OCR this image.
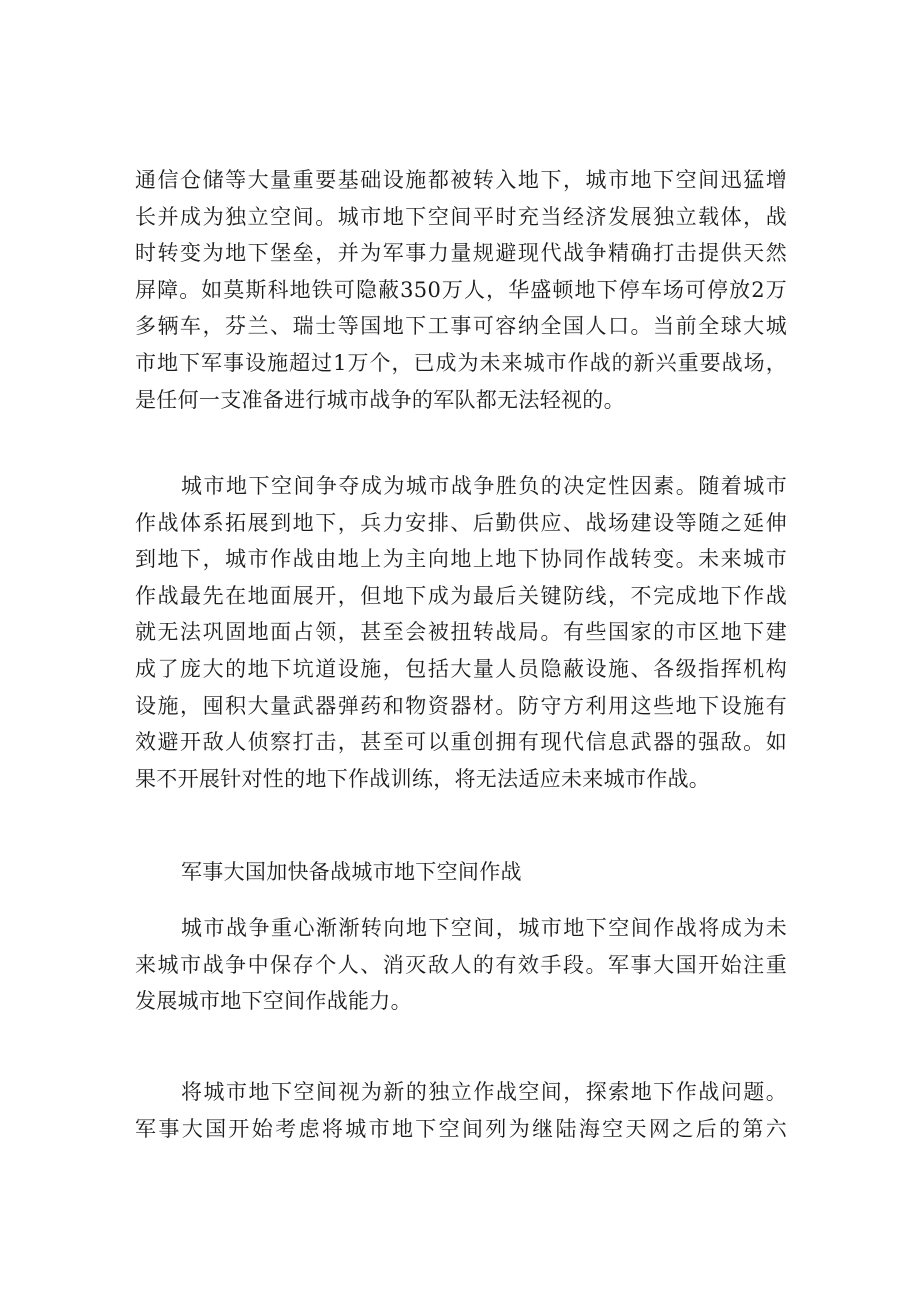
通信仓储等大量重要基础设施都被转入地下，城市地下空间迅猛增
长并成为独立空间。城市地下空间平时充当经济发展独立载体，战
时转变为地下堡垒，并为军事力量规避现代战争精确打击提供天然
屏障。如莫斯科地铁可隐蔽350万人，华盛顿地下停车场可停放2万
多辆车，芬兰、瑞士等国地下工事可容纳全国人口。当前全球大城
市地下军事设施超过1万个，已成为未来城市作战的新兴重要战场，
是任何一支准备进行城市战争的军队都无法轻视的。
城市地下空间争夺成为城市战争胜负的决定性因素。随着城市
作战体系拓展到地下，兵力安排、后勤供应、战场建设等随之延伸
到地下，城市作战由地上为主向地上地下协同作战转变。未来城市
作战最先在地面展开，但地下成为最后关键防线，不完成地下作战
就无法巩固地面占领，甚至会被扭转战局。有些国家的市区地下建
成了庞大的地下坑道设施，包括大量人员隐蔽设施、各级指挥机构
设施，囤积大量武器弹药和物资器材。防守方利用这些地下设施有
效避开敌人侦察打击，甚至可以重创拥有现代信息武器的强敌。如
果不开展针对性的地下作战训练，将无法适应未来城市作战。
军事大国加快备战城市地下空间作战
城市战争重心渐渐转向地下空间，城市地下空间作战将成为未
来城市战争中保存个人、消灭敌人的有效手段。军事大国开始注重
发展城市地下空间作战能力。
将城市地下空间视为新的独立作战空间，探索地下作战问题。
军事大国开始考虑将城市地下空间列为继陆海空天网之后的第六
